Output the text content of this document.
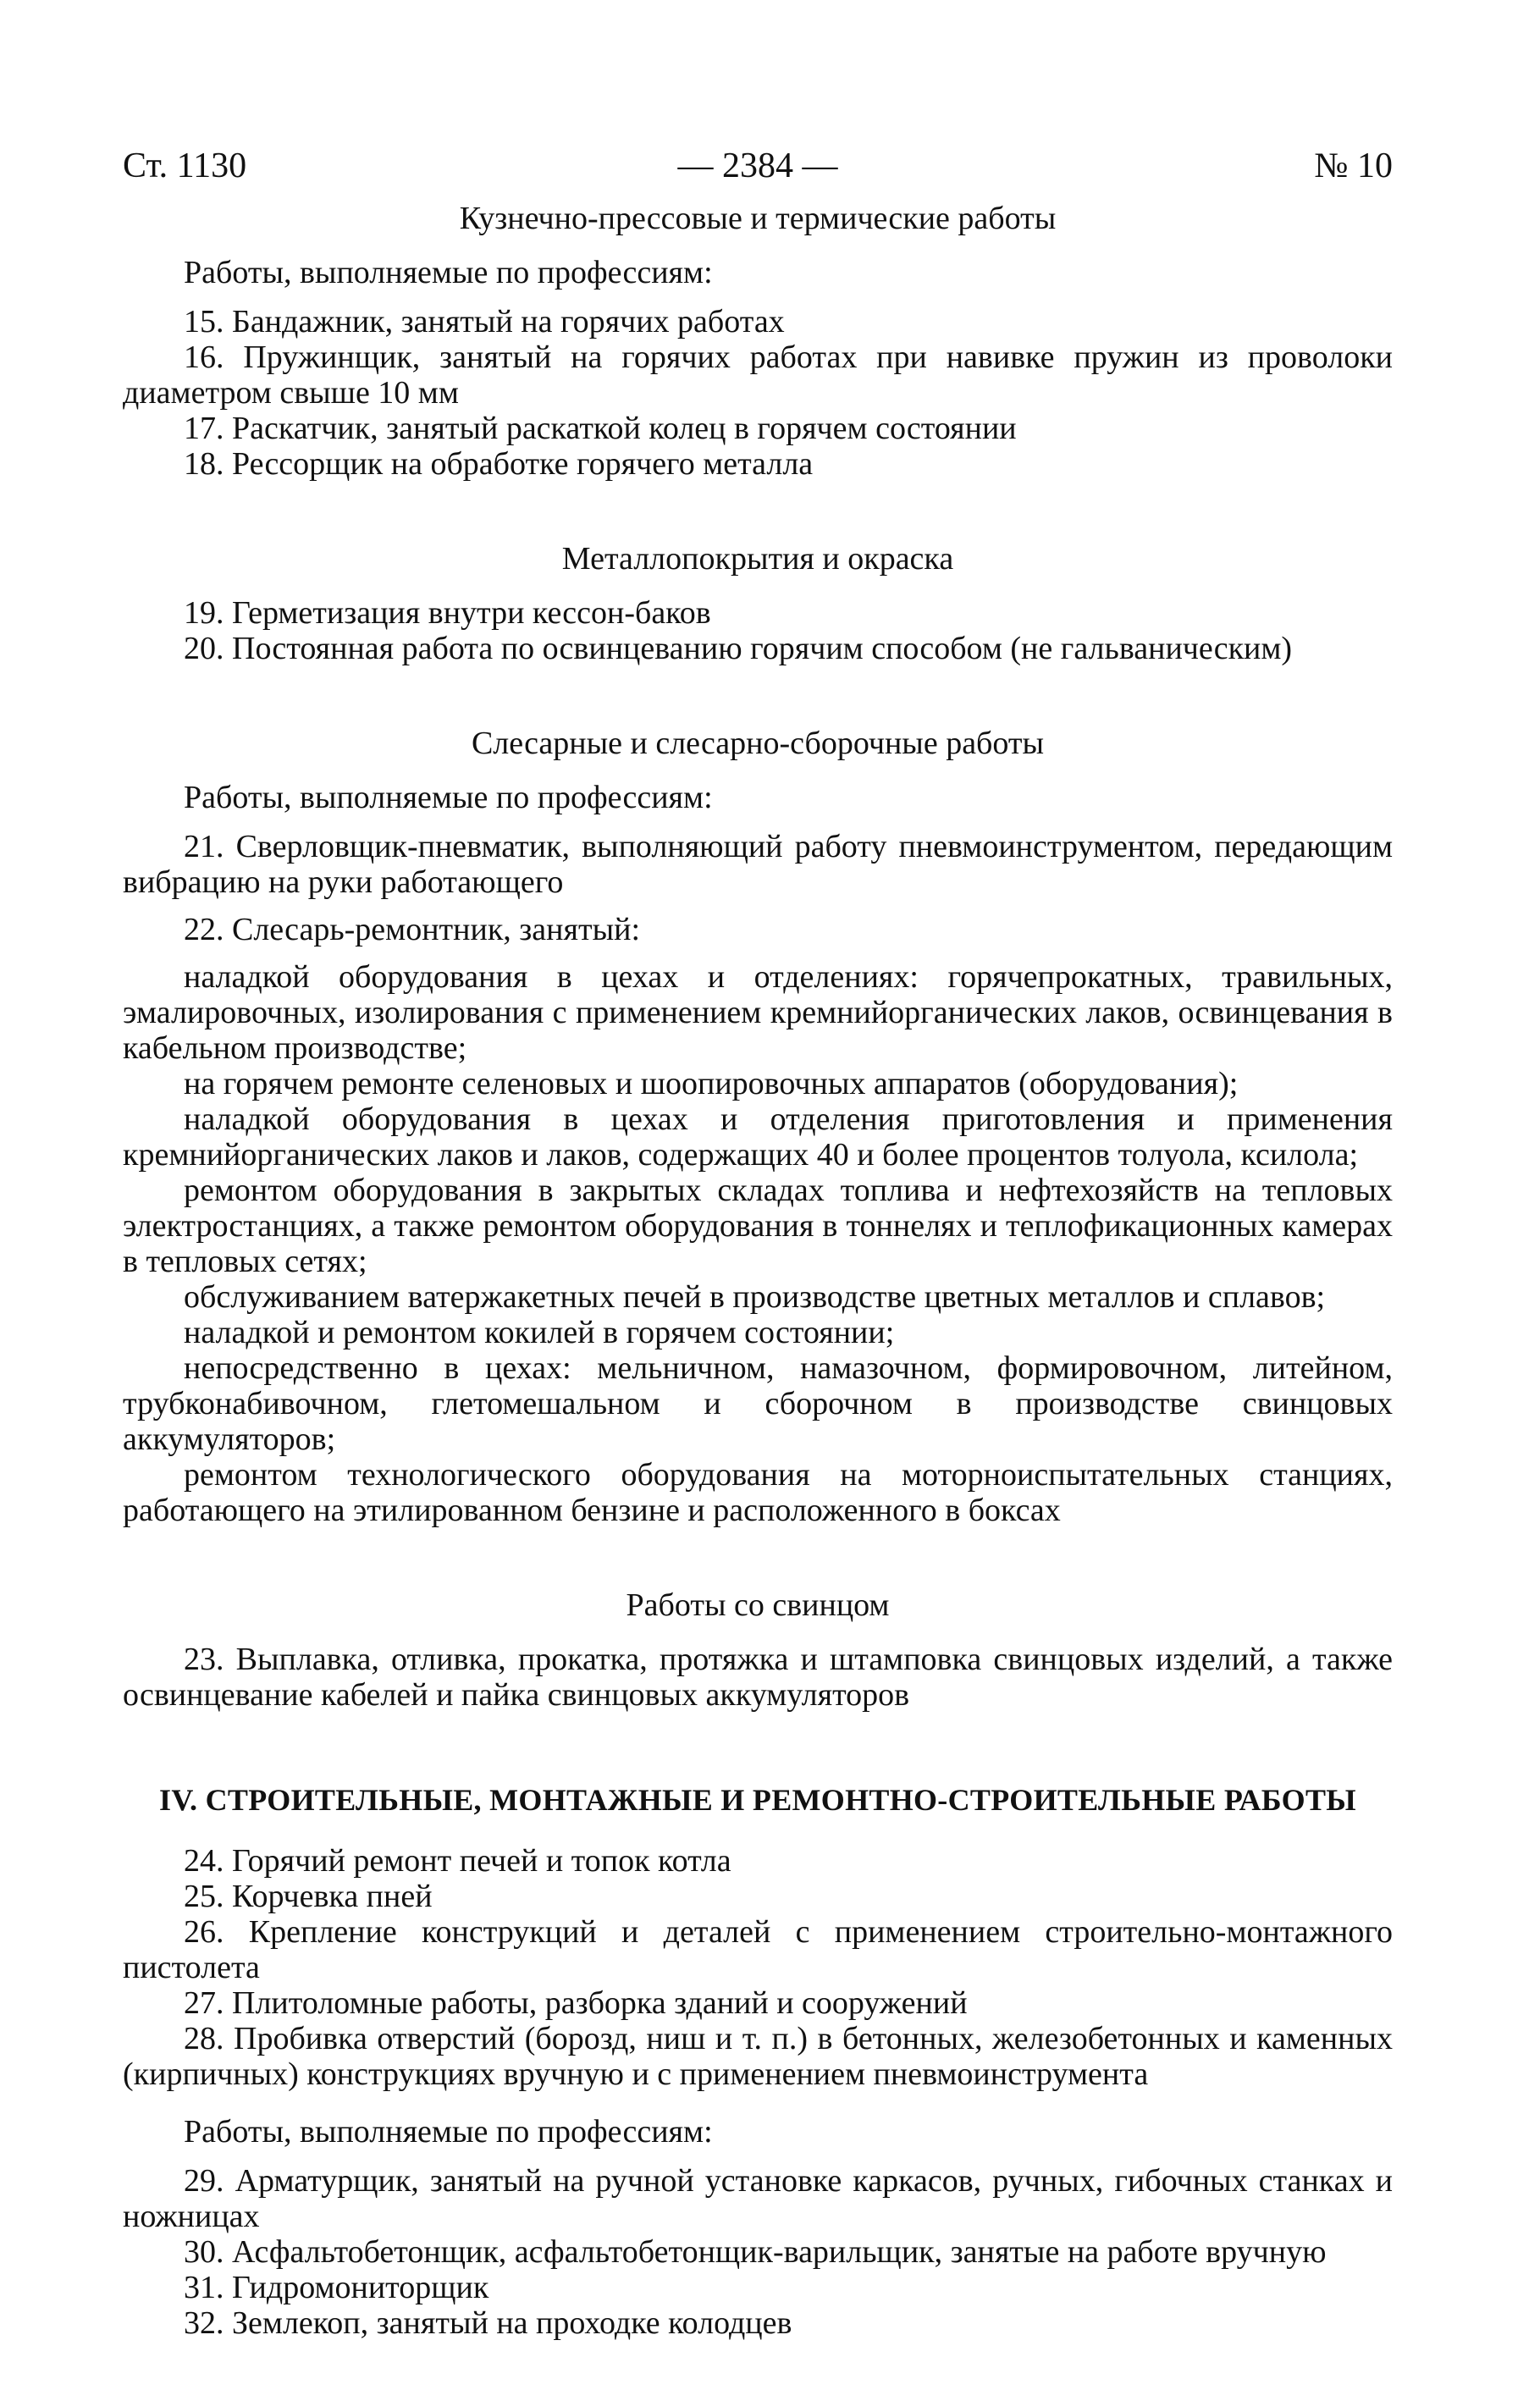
Ст. 1130	— 2384 —	№ 10
Кузнечно-прессовые и термические работы

Работы, выполняемые по профессиям:

15. Бандажник, занятый на горячих работах

16. Пружинщик, занятый на горячих работах при навивке пружин из проволоки диаметром свыше 10 мм

17. Раскатчик, занятый раскаткой колец в горячем состоянии

18. Рессорщик на обработке горячего металла

Металлопокрытия и окраска

19. Герметизация внутри кессон-баков

20. Постоянная работа по освинцеванию горячим способом (не гальваническим)

Слесарные и слесарно-сборочные работы

Работы, выполняемые по профессиям:

21. Сверловщик-пневматик, выполняющий работу пневмоинструментом, передающим вибрацию на руки работающего

22. Слесарь-ремонтник, занятый:

наладкой оборудования в цехах и отделениях: горячепрокатных, травильных, эмалировочных, изолирования с применением кремнийорганических лаков, освинцевания в кабельном производстве;

на горячем ремонте селеновых и шоопировочных аппаратов (оборудования);

наладкой оборудования в цехах и отделения приготовления и применения кремнийорганических лаков и лаков, содержащих 40 и более процентов толуола, ксилола;

ремонтом оборудования в закрытых складах топлива и нефтехозяйств на тепловых электростанциях, а также ремонтом оборудования в тоннелях и теплофикационных камерах в тепловых сетях;

обслуживанием ватержакетных печей в производстве цветных металлов и сплавов;

наладкой и ремонтом кокилей в горячем состоянии;

непосредственно в цехах: мельничном, намазочном, формировочном, литейном, трубконабивочном, глетомешальном и сборочном в производстве свинцовых аккумуляторов;

ремонтом технологического оборудования на моторноиспытательных станциях, работающего на этилированном бензине и расположенного в боксах

Работы со свинцом

23. Выплавка, отливка, прокатка, протяжка и штамповка свинцовых изделий, а также освинцевание кабелей и пайка свинцовых аккумуляторов

IV. СТРОИТЕЛЬНЫЕ, МОНТАЖНЫЕ И РЕМОНТНО-СТРОИТЕЛЬНЫЕ РАБОТЫ

24. Горячий ремонт печей и топок котла

25. Корчевка пней

26. Крепление конструкций и деталей с применением строительно-монтажного пистолета

27. Плитоломные работы, разборка зданий и сооружений

28. Пробивка отверстий (борозд, ниш и т. п.) в бетонных, железобетонных и каменных (кирпичных) конструкциях вручную и с применением пневмоинструмента

Работы, выполняемые по профессиям:

29. Арматурщик, занятый на ручной установке каркасов, ручных, гибочных станках и ножницах

30. Асфальтобетонщик, асфальтобетонщик-варильщик, занятые на работе вручную

31. Гидромониторщик

32. Землекоп, занятый на проходке колодцев
